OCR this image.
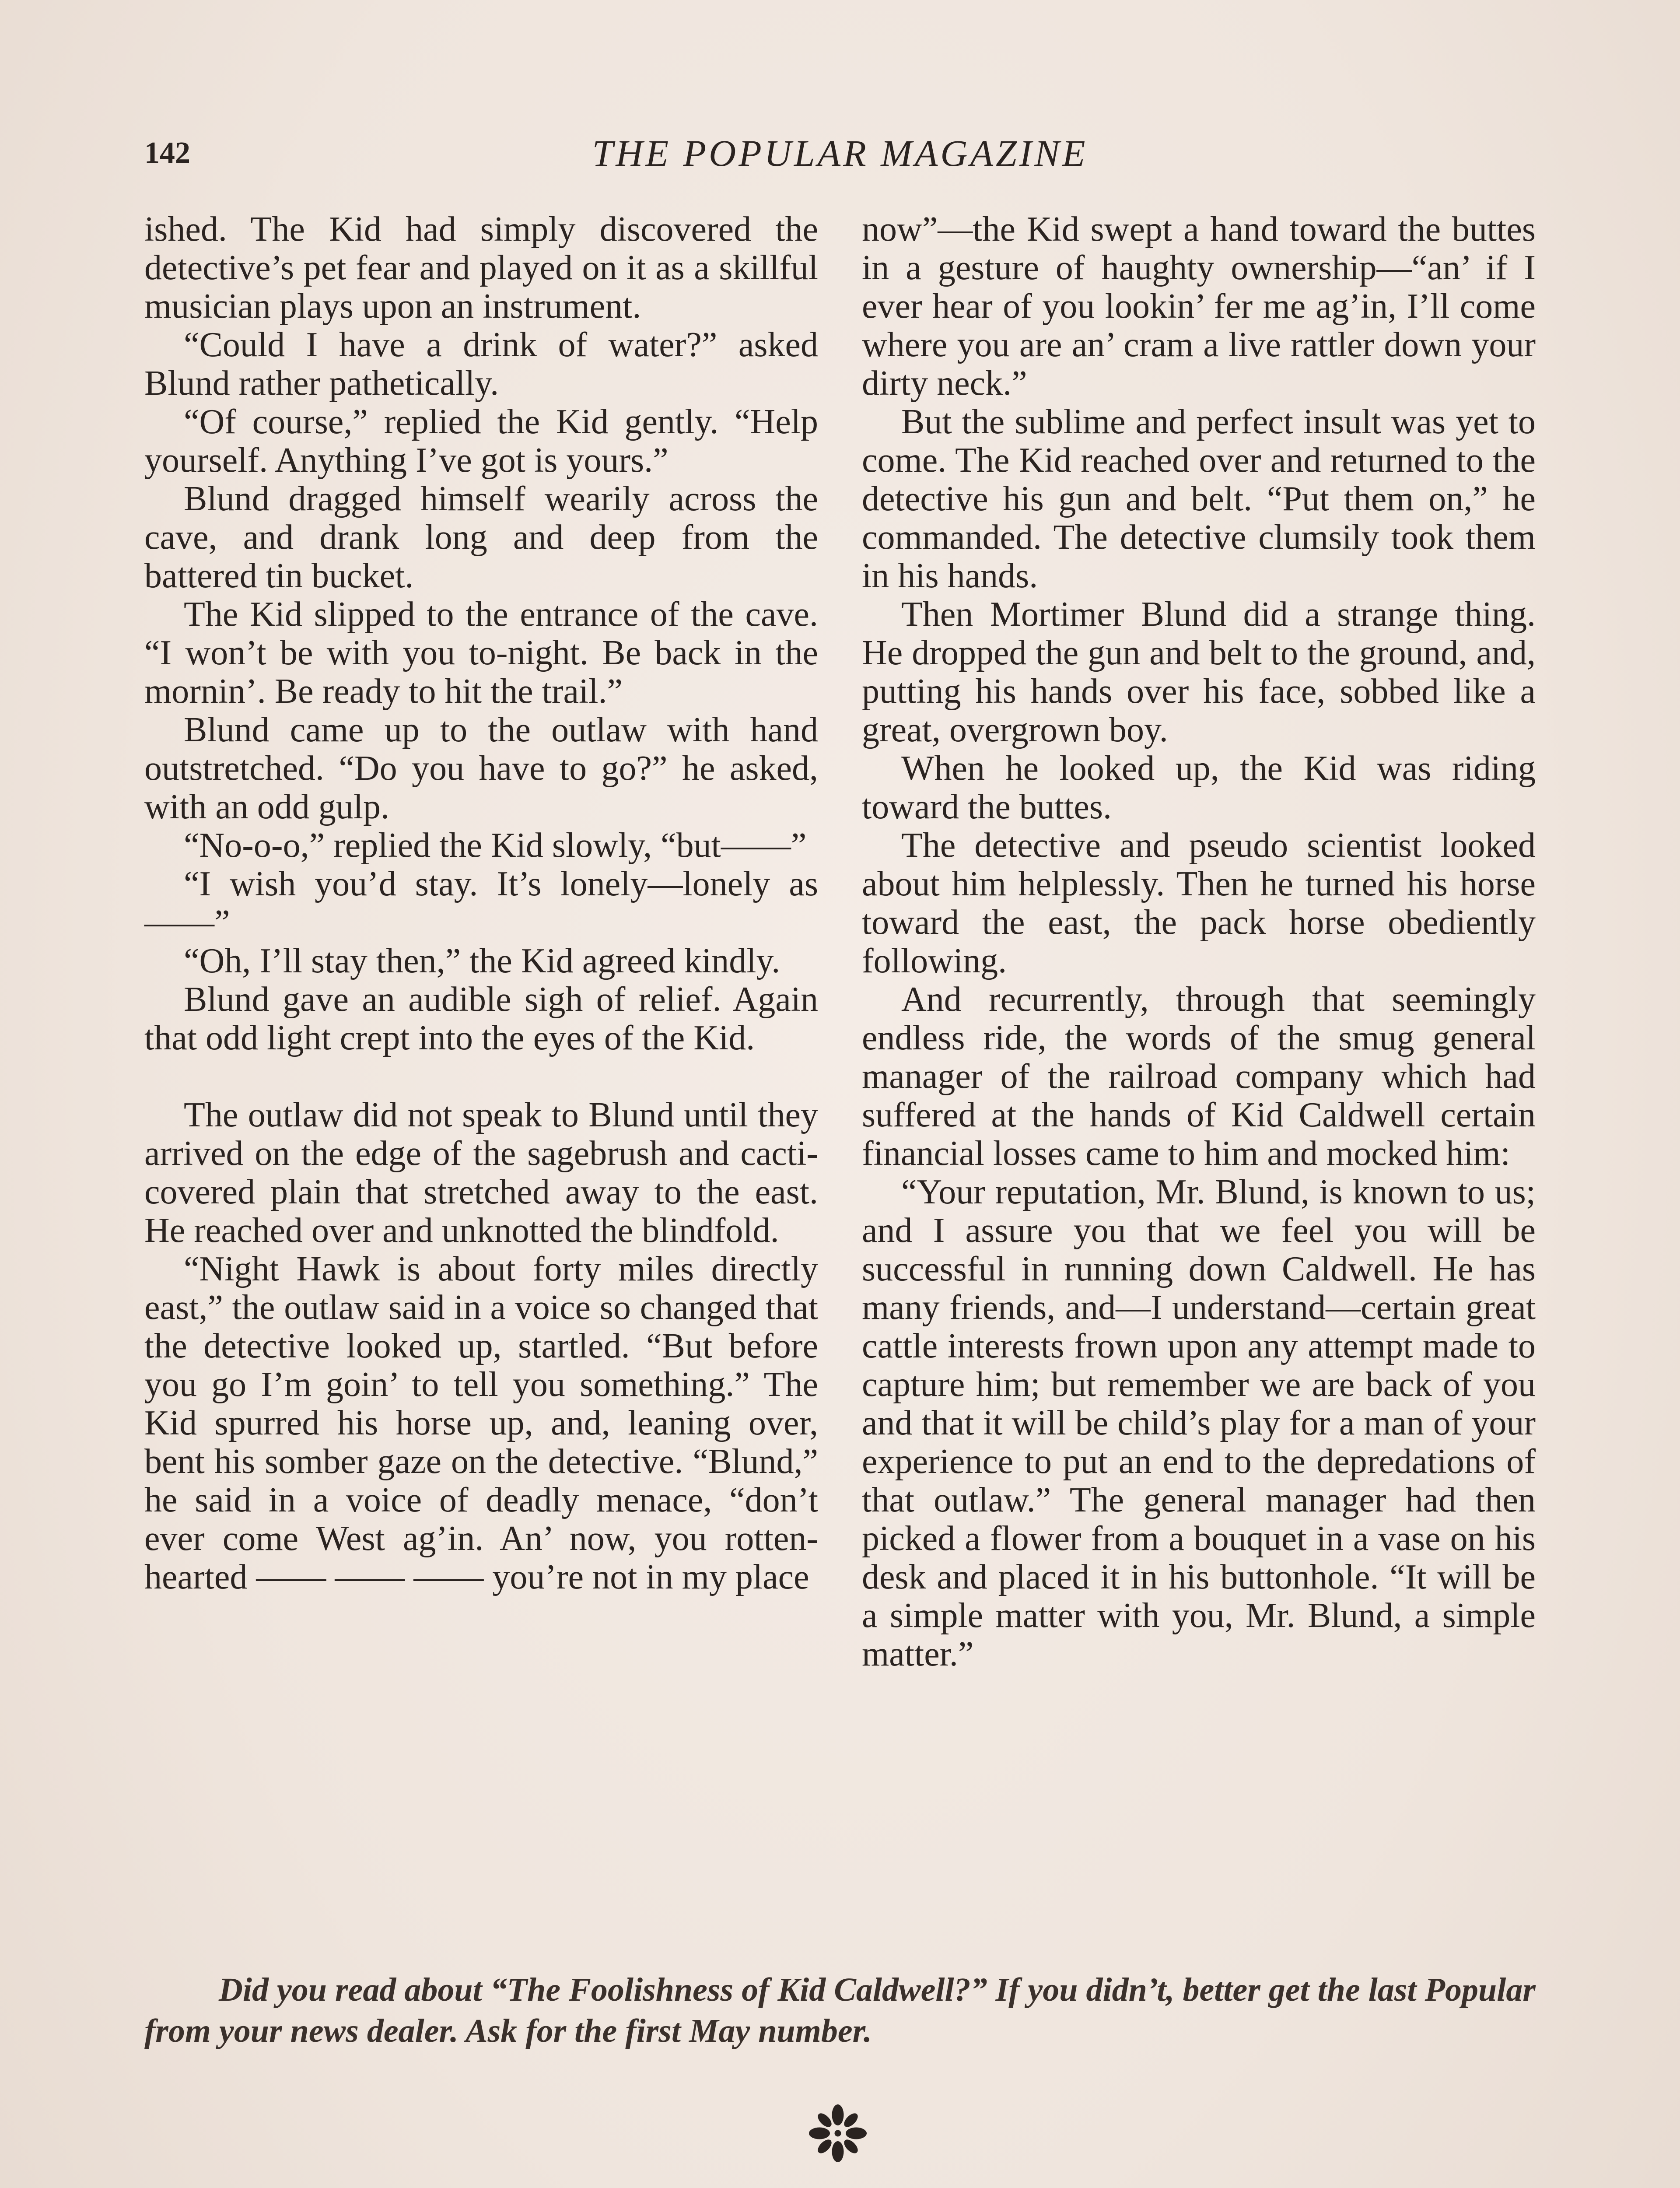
142	THE POPULAR MAGAZINE

ished. The Kid had simply discovered the detective’s pet fear and played on it as a skillful musician plays upon an instrument.

“Could I have a drink of water?” asked Blund rather pathetically.

“Of course,” replied the Kid gently. “Help yourself. Anything I’ve got is yours.”

Blund dragged himself wearily across the cave, and drank long and deep from the battered tin bucket.

The Kid slipped to the entrance of the cave. “I won’t be with you to-night. Be back in the mornin’. Be ready to hit the trail.”

Blund came up to the outlaw with hand outstretched. “Do you have to go?” he asked, with an odd gulp.

“No-o-o,” replied the Kid slowly, “but——”

“I wish you’d stay. It’s lonely—lonely as——”

“Oh, I’ll stay then,” the Kid agreed kindly.

Blund gave an audible sigh of relief. Again that odd light crept into the eyes of the Kid.

The outlaw did not speak to Blund until they arrived on the edge of the sagebrush and cacti-covered plain that stretched away to the east. He reached over and unknotted the blindfold.

“Night Hawk is about forty miles directly east,” the outlaw said in a voice so changed that the detective looked up, startled. “But before you go I’m goin’ to tell you something.” The Kid spurred his horse up, and, leaning over, bent his somber gaze on the detective. “Blund,” he said in a voice of deadly menace, “don’t ever come West ag’in. An’ now, you rotten-hearted —— —— —— you’re not in my place

now”—the Kid swept a hand toward the buttes in a gesture of haughty ownership—“an’ if I ever hear of you lookin’ fer me ag’in, I’ll come where you are an’ cram a live rattler down your dirty neck.”

But the sublime and perfect insult was yet to come. The Kid reached over and returned to the detective his gun and belt. “Put them on,” he commanded. The detective clumsily took them in his hands.

Then Mortimer Blund did a strange thing. He dropped the gun and belt to the ground, and, putting his hands over his face, sobbed like a great, overgrown boy.

When he looked up, the Kid was riding toward the buttes.

The detective and pseudo scientist looked about him helplessly. Then he turned his horse toward the east, the pack horse obediently following.

And recurrently, through that seemingly endless ride, the words of the smug general manager of the railroad company which had suffered at the hands of Kid Caldwell certain financial losses came to him and mocked him:

“Your reputation, Mr. Blund, is known to us; and I assure you that we feel you will be successful in running down Caldwell. He has many friends, and—I understand—certain great cattle interests frown upon any attempt made to capture him; but remember we are back of you and that it will be child’s play for a man of your experience to put an end to the depredations of that outlaw.” The general manager had then picked a flower from a bouquet in a vase on his desk and placed it in his buttonhole. “It will be a simple matter with you, Mr. Blund, a simple matter.”

Did you read about “The Foolishness of Kid Caldwell?” If you didn’t, better get the last Popular from your news dealer. Ask for the first May number.
